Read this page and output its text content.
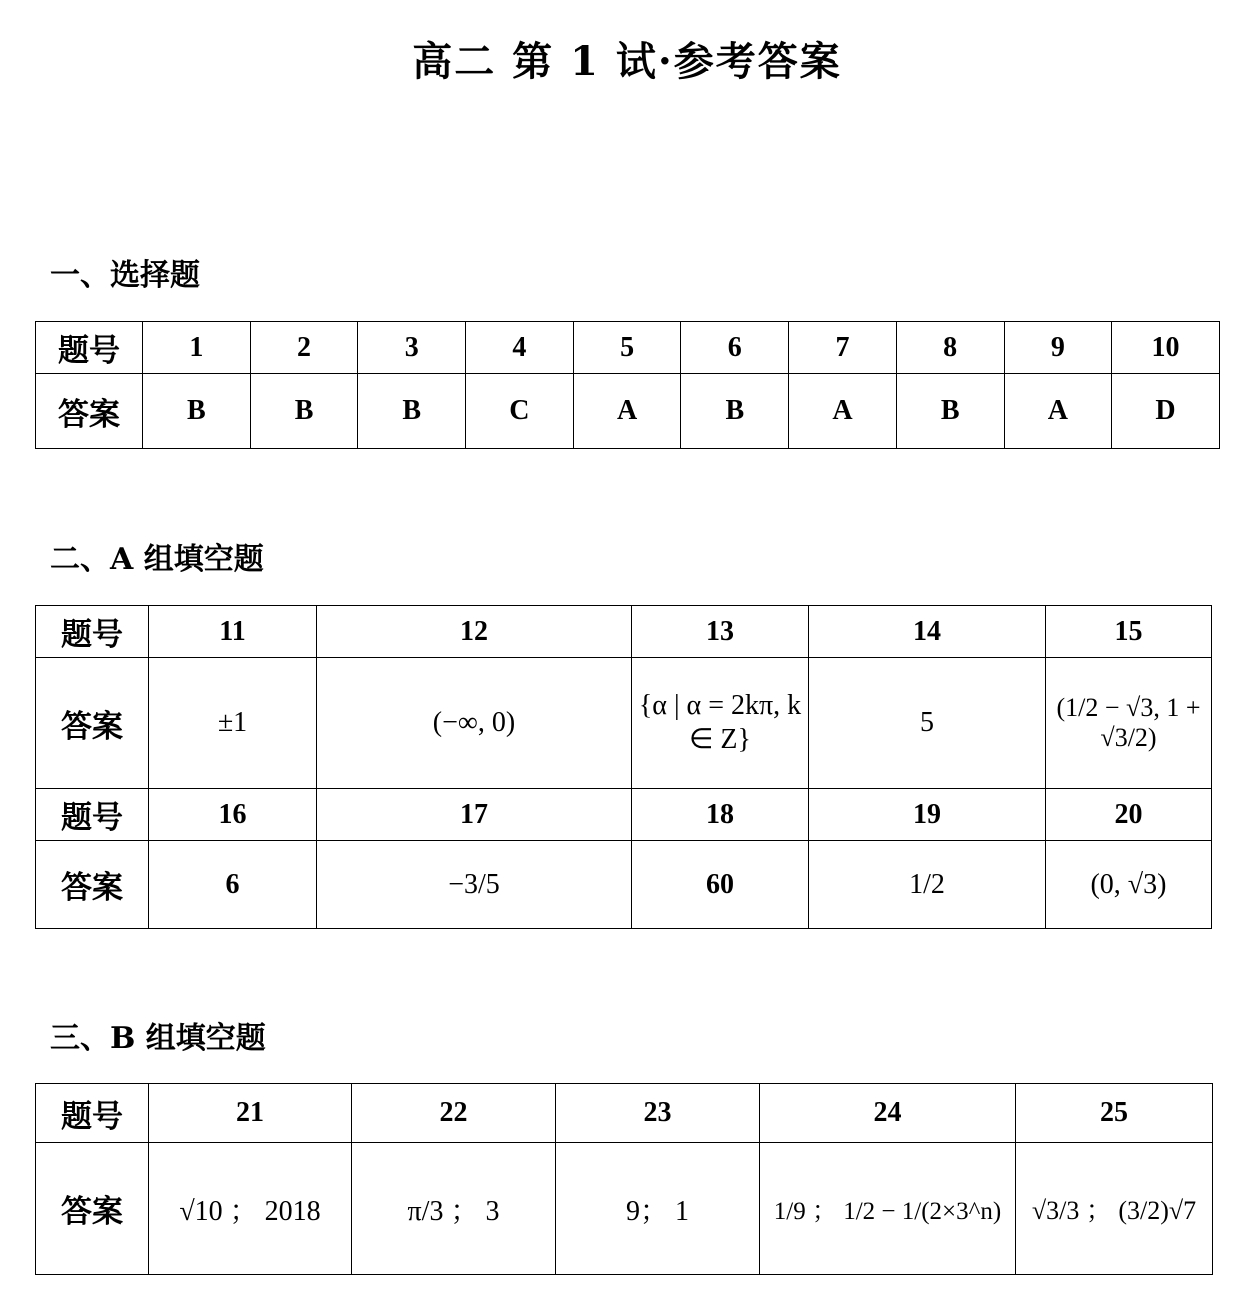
高二 第 1 试·参考答案
一、选择题
题号	1	2	3	4	5	6	7	8	9	10
答案	B	B	B	C	A	B	A	B	A	D
二、A 组填空题
题号	11	12	13	14	15
答案	±1	(−∞, 0)	{α | α = 2kπ, k ∈ Z}	5	(1/2 − √3, 1 + √3/2)
题号	16	17	18	19	20
答案	6	−3/5	60	1/2	(0, √3)
三、B 组填空题
题号	21	22	23	24	25
答案	√10 ； 2018	π/3 ； 3	9； 1	1/9 ； 1/2 − 1/(2×3^n)	√3/3 ； (3/2)√7
